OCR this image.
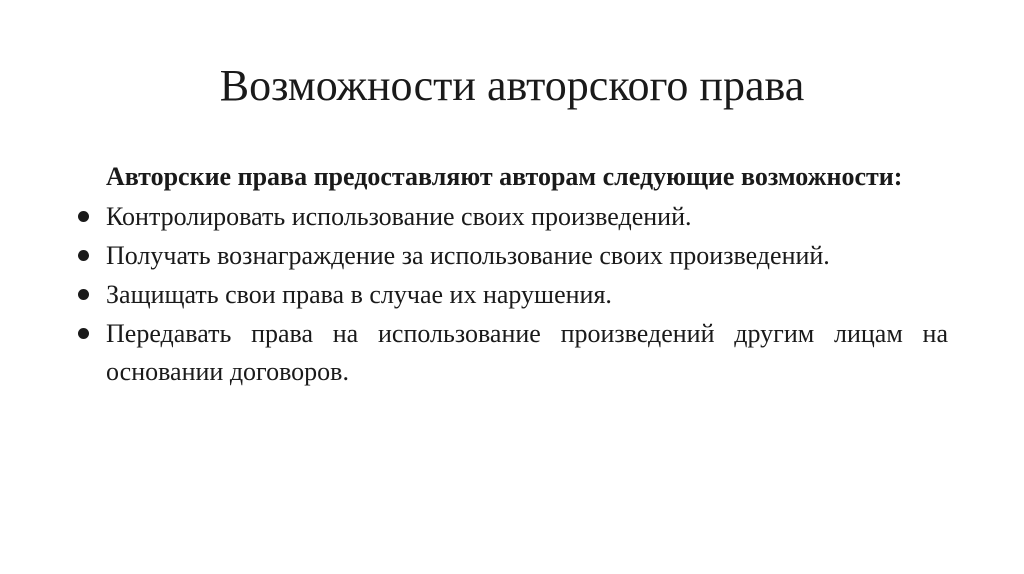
Возможности авторского права

Авторские права предоставляют авторам следующие возможности:

Контролировать использование своих произведений.
Получать вознаграждение за использование своих произведений.
Защищать свои права в случае их нарушения.
Передавать права на использование произведений другим лицам на основании договоров.
